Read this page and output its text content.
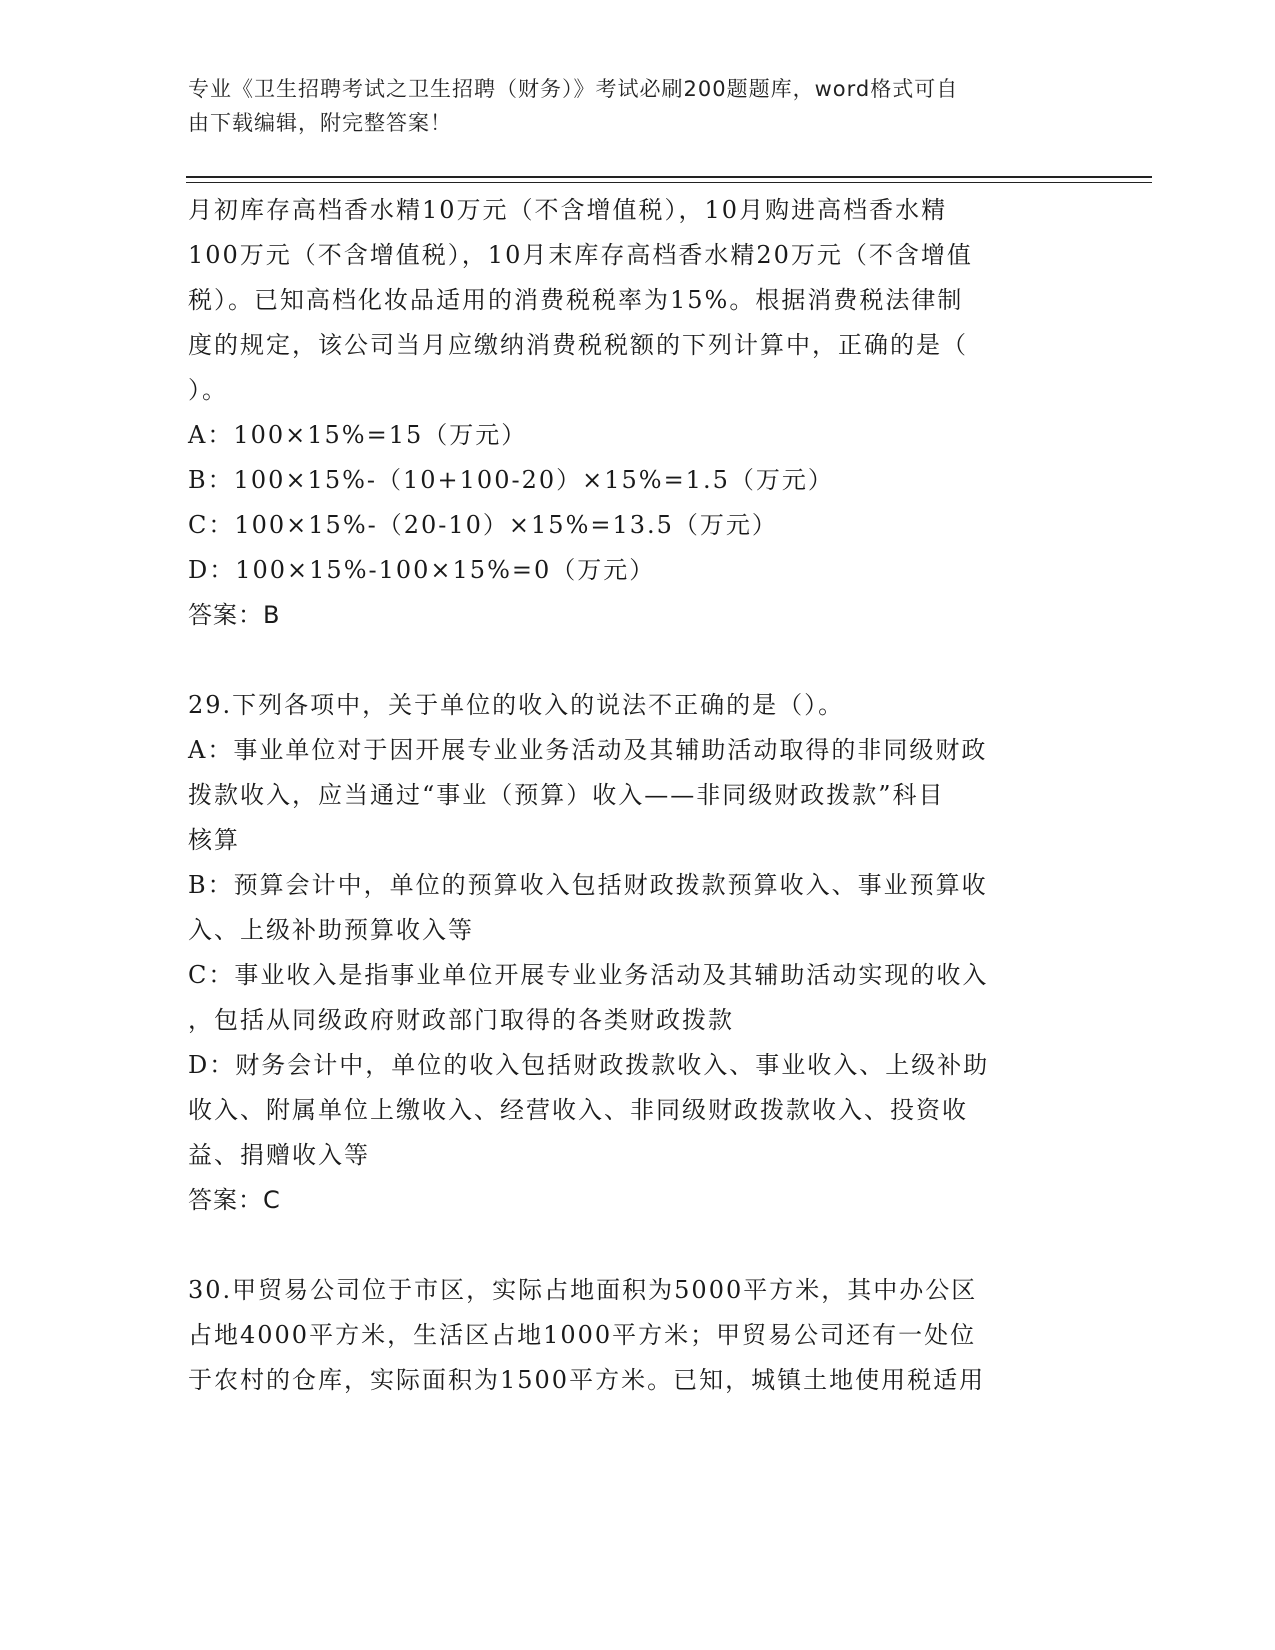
专业《卫生招聘考试之卫生招聘（财务）》考试必刷200题题库，word格式可自
由下载编辑，附完整答案！
月初库存高档香水精10万元（不含增值税），10月购进高档香水精
100万元（不含增值税），10月末库存高档香水精20万元（不含增值
税）。已知高档化妆品适用的消费税税率为15%。根据消费税法律制
度的规定，该公司当月应缴纳消费税税额的下列计算中，正确的是（
）。
A：100×15%=15（万元）
B：100×15%-（10+100-20）×15%=1.5（万元）
C：100×15%-（20-10）×15%=13.5（万元）
D：100×15%-100×15%=0（万元）
答案：B
29.下列各项中，关于单位的收入的说法不正确的是（）。
A：事业单位对于因开展专业业务活动及其辅助活动取得的非同级财政
拨款收入，应当通过“事业（预算）收入——非同级财政拨款”科目
核算
B：预算会计中，单位的预算收入包括财政拨款预算收入、事业预算收
入、上级补助预算收入等
C：事业收入是指事业单位开展专业业务活动及其辅助活动实现的收入
，包括从同级政府财政部门取得的各类财政拨款
D：财务会计中，单位的收入包括财政拨款收入、事业收入、上级补助
收入、附属单位上缴收入、经营收入、非同级财政拨款收入、投资收
益、捐赠收入等
答案：C
30.甲贸易公司位于市区，实际占地面积为5000平方米，其中办公区
占地4000平方米，生活区占地1000平方米；甲贸易公司还有一处位
于农村的仓库，实际面积为1500平方米。已知，城镇土地使用税适用
